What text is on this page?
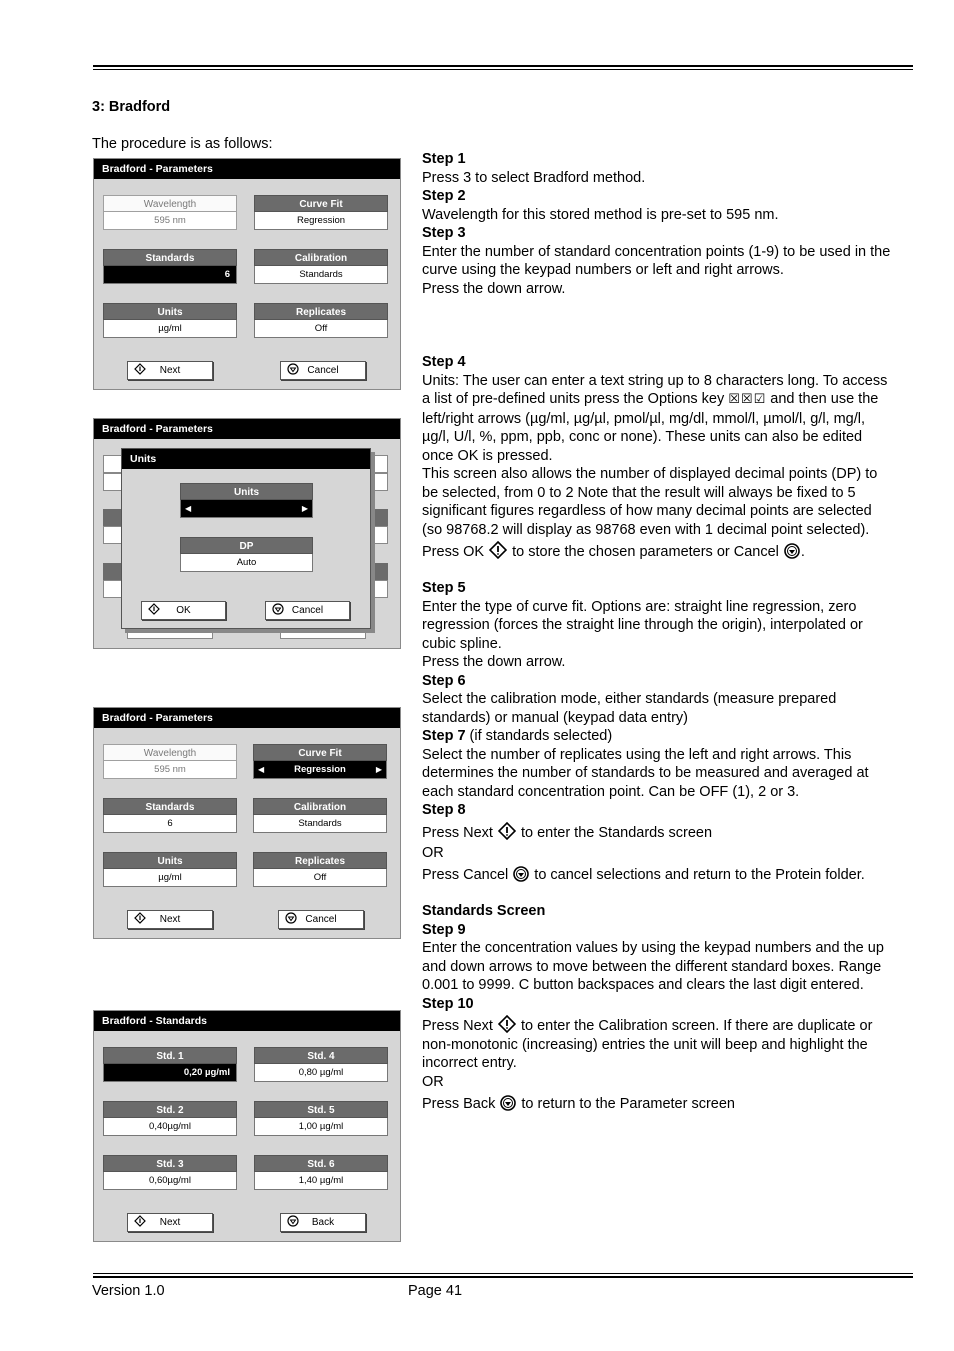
3: Bradford
The procedure is as follows:
Bradford - Parameters
Wavelength
595 nm
Curve Fit
Regression
Standards
6
Calibration
Standards
Units
µg/ml
Replicates
Off
Next	Cancel
Bradford - Parameters
Units
Units
◀	▶
DP
Auto
OK	Cancel
Bradford - Parameters
Wavelength
595 nm
Curve Fit
◀	Regression	▶
Standards
6
Calibration
Standards
Units
µg/ml
Replicates
Off
Next	Cancel
Bradford - Standards
Std. 1
0,20 µg/ml
Std. 4
0,80 µg/ml
Std. 2
0,40µg/ml
Std. 5
1,00 µg/ml
Std. 3
0,60µg/ml
Std. 6
1,40 µg/ml
Next	Back
Step 1
Press 3 to select Bradford method.
Step 2
Wavelength for this stored method is pre-set to 595 nm.
Step 3
Enter the number of standard concentration points (1-9) to be used in the curve using the keypad numbers or left and right arrows.
Press the down arrow.
Step 4
Units: The user can enter a text string up to 8 characters long. To access a list of pre-defined units press the Options key ☒☒☑ and then use the left/right arrows (µg/ml, µg/µl, pmol/µl, mg/dl, mmol/l, µmol/l, g/l, mg/l, µg/l, U/l, %, ppm, ppb, conc or none). These units can also be edited once OK is pressed.
This screen also allows the number of displayed decimal points (DP) to be selected, from 0 to 2 Note that the result will always be fixed to 5 significant figures regardless of how many decimal points are selected (so 98768.2 will display as 98768 even with 1 decimal point selected).
Press OK to store the chosen parameters or Cancel .
Step 5
Enter the type of curve fit. Options are: straight line regression, zero regression (forces the straight line through the origin), interpolated or cubic spline.
Press the down arrow.
Step 6
Select the calibration mode, either standards (measure prepared standards) or manual (keypad data entry)
Step 7 (if standards selected)
Select the number of replicates using the left and right arrows. This determines the number of standards to be measured and averaged at each standard concentration point. Can be OFF (1), 2 or 3.
Step 8
Press Next to enter the Standards screen
OR
Press Cancel to cancel selections and return to the Protein folder.
Standards Screen
Step 9
Enter the concentration values by using the keypad numbers and the up and down arrows to move between the different standard boxes. Range 0.001 to 9999. C button backspaces and clears the last digit entered.
Step 10
Press Next to enter the Calibration screen. If there are duplicate or non-monotonic (increasing) entries the unit will beep and highlight the incorrect entry.
OR
Press Back to return to the Parameter screen
Version 1.0	Page 41
